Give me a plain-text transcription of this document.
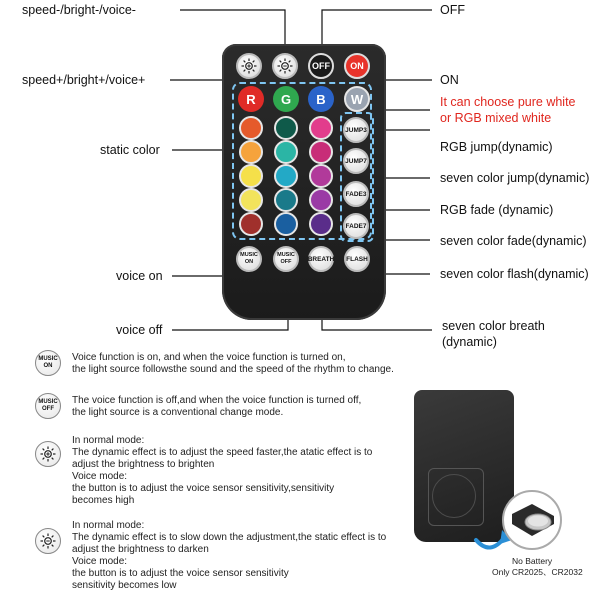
speed-/bright-/voice-
speed+/bright+/voice+
static color
voice on
voice off
OFF
ON
It can choose pure white
or RGB mixed white
RGB jump(dynamic)
seven color jump(dynamic)
RGB fade (dynamic)
seven color fade(dynamic)
seven color flash(dynamic)
seven color breath
(dynamic)
OFF	ON
R	G	B	W
JUMP3
JUMP7
FADE3
FADE7
MUSIC
ON
MUSIC
OFF BREATH	FLASH
MUSIC
ON
Voice function is on, and when the voice function is turned on,
the light source followsthe sound and the speed of the rhythm to change.
MUSIC
OFF
The voice function is off,and when the voice function is turned off,
the light source is a conventional change mode.
In normal mode:
The dynamic effect is to adjust the speed faster,the atatic effect is to
adjust the brightness to brighten
Voice mode:
the button is to adjust the voice sensor sensitivity,sensitivity
becomes high
In normal mode:
The dynamic effect is to slow down the adjustment,the static effect is to
adjust the brightness to darken
Voice mode:
the button is to adjust the voice sensor sensitivity
sensitivity becomes low
No Battery
Only CR2025、CR2032
